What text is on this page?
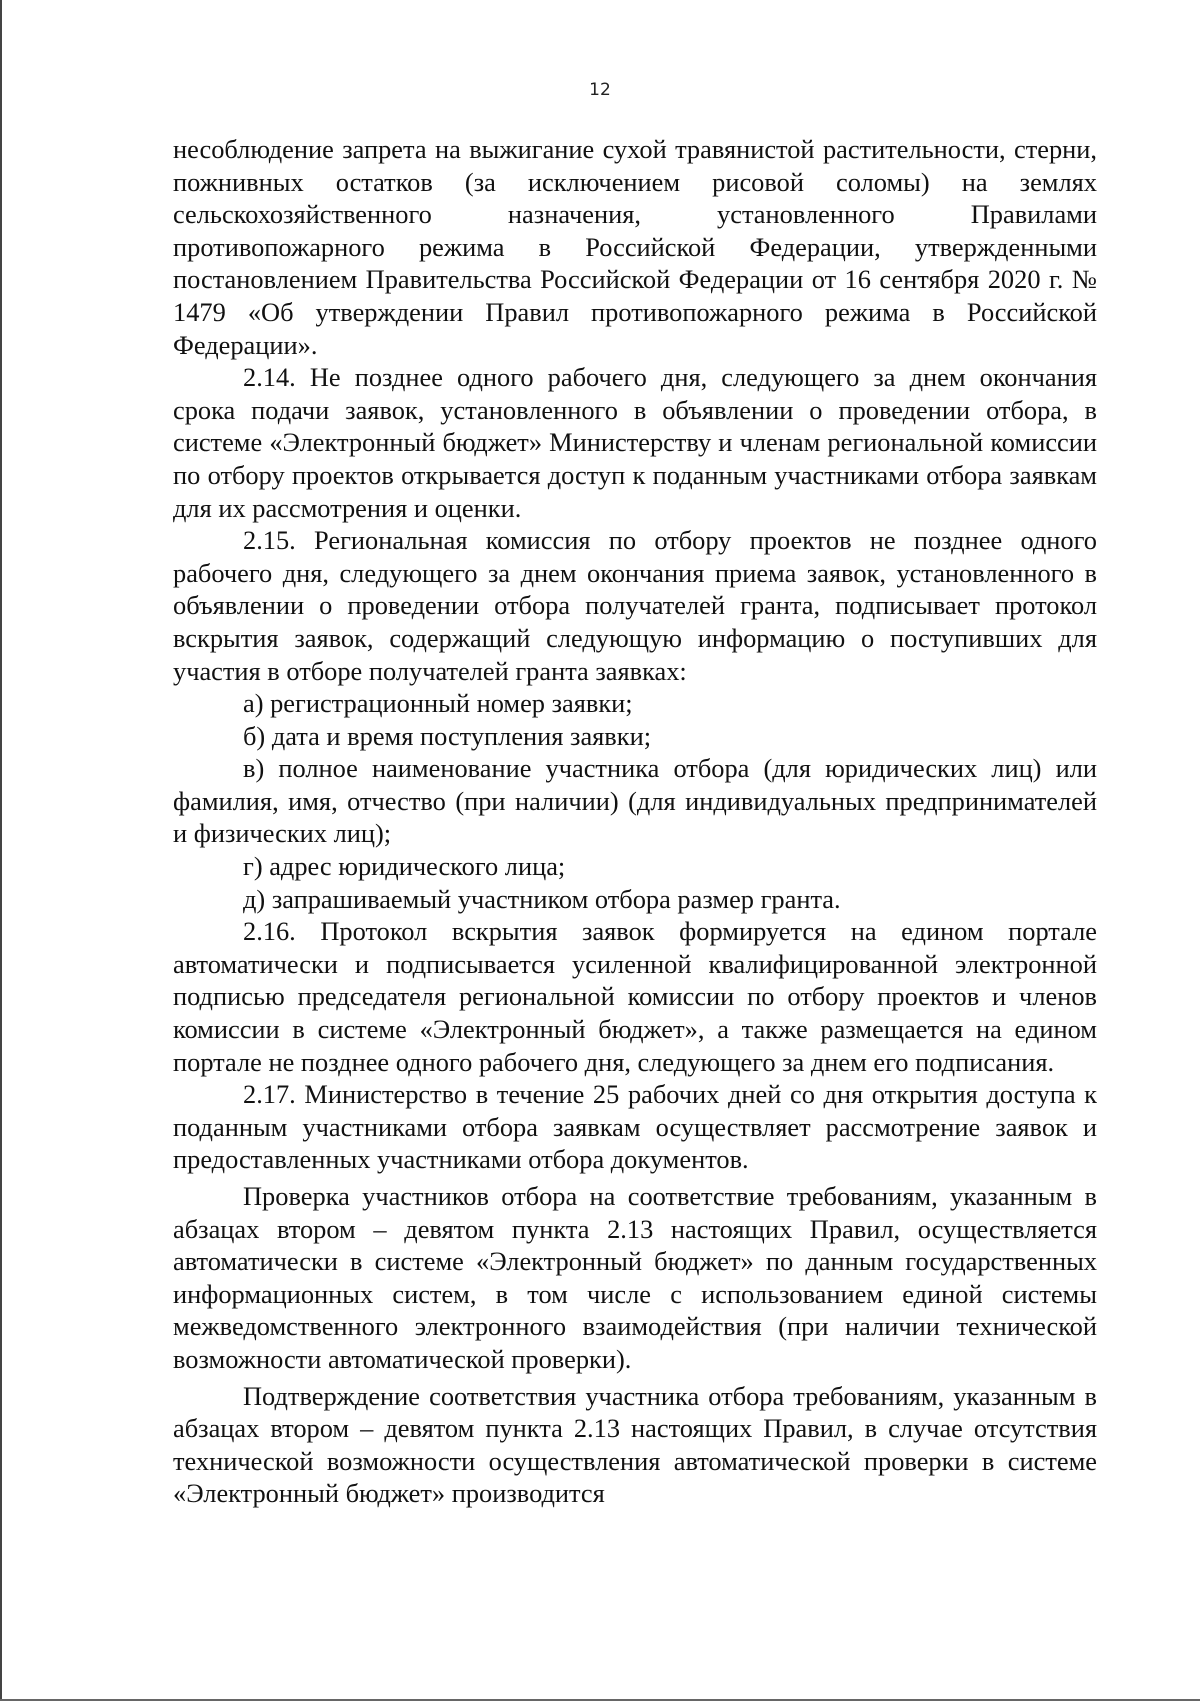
12

несоблюдение запрета на выжигание сухой травянистой растительности, стерни, пожнивных остатков (за исключением рисовой соломы) на землях сельскохозяйственного назначения, установленного Правилами противопожарного режима в Российской Федерации, утвержденными постановлением Правительства Российской Федерации от 16 сентября 2020 г. № 1479 «Об утверждении Правил противопожарного режима в Российской Федерации».

2.14. Не позднее одного рабочего дня, следующего за днем окончания срока подачи заявок, установленного в объявлении о проведении отбора, в системе «Электронный бюджет» Министерству и членам региональной комиссии по отбору проектов открывается доступ к поданным участниками отбора заявкам для их рассмотрения и оценки.

2.15. Региональная комиссия по отбору проектов не позднее одного рабочего дня, следующего за днем окончания приема заявок, установленного в объявлении о проведении отбора получателей гранта, подписывает протокол вскрытия заявок, содержащий следующую информацию о поступивших для участия в отборе получателей гранта заявках:

а) регистрационный номер заявки;

б) дата и время поступления заявки;

в) полное наименование участника отбора (для юридических лиц) или фамилия, имя, отчество (при наличии) (для индивидуальных предпринимателей и физических лиц);

г) адрес юридического лица;

д) запрашиваемый участником отбора размер гранта.

2.16. Протокол вскрытия заявок формируется на едином портале автоматически и подписывается усиленной квалифицированной электронной подписью председателя региональной комиссии по отбору проектов и членов комиссии в системе «Электронный бюджет», а также размещается на едином портале не позднее одного рабочего дня, следующего за днем его подписания.

2.17. Министерство в течение 25 рабочих дней со дня открытия доступа к поданным участниками отбора заявкам осуществляет рассмотрение заявок и предоставленных участниками отбора документов.

Проверка участников отбора на соответствие требованиям, указанным в абзацах втором – девятом пункта 2.13 настоящих Правил, осуществляется автоматически в системе «Электронный бюджет» по данным государственных информационных систем, в том числе с использованием единой системы межведомственного электронного взаимодействия (при наличии технической возможности автоматической проверки).

Подтверждение соответствия участника отбора требованиям, указанным в абзацах втором – девятом пункта 2.13 настоящих Правил, в случае отсутствия технической возможности осуществления автоматической проверки в системе «Электронный бюджет» производится
